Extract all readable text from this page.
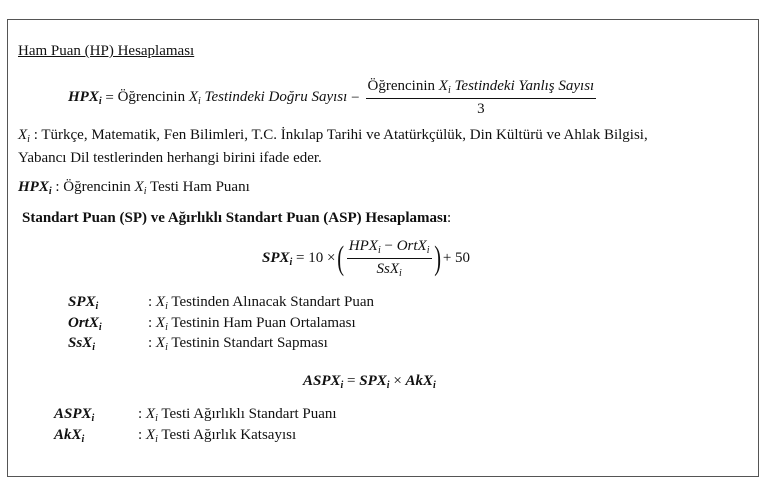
Ham Puan (HP) Hesaplaması
$HPX_i$ = Öğrencinin $X_i$ Testindeki Doğru Sayısı − $\frac{Öğrencinin X_i Testindeki Yanlış Sayısı}{3}$
$X_i$ : Türkçe, Matematik, Fen Bilimleri, T.C. İnkılap Tarihi ve Atatürkçülük, Din Kültürü ve Ahlak Bilgisi,
Yabancı Dil testlerinden herhangi birini ifade eder.
$HPX_i$ : Öğrencinin $X_i$ Testi Ham Puanı
Standart Puan (SP) ve Ağırlıklı Standart Puan (ASP) Hesaplaması:
$SPX_i = 10$ × ( $\frac{HPX_i - OrtX_i}{SsX_i}$ ) + 50
$SPX_i$	: $X_i$ Testinden Alınacak Standart Puan
OrtX$_i$	: $X_i$ Testinin Ham Puan Ortalaması
SsX$_i$	: $X_i$ Testinin Standart Sapması
$ASPX_i = SPX_i \times AkX_i$
$ASPX_i$	: $X_i$ Testi Ağırlıklı Standart Puanı
AkX$_i$	: $X_i$ Testi Ağırlık Katsayısı
